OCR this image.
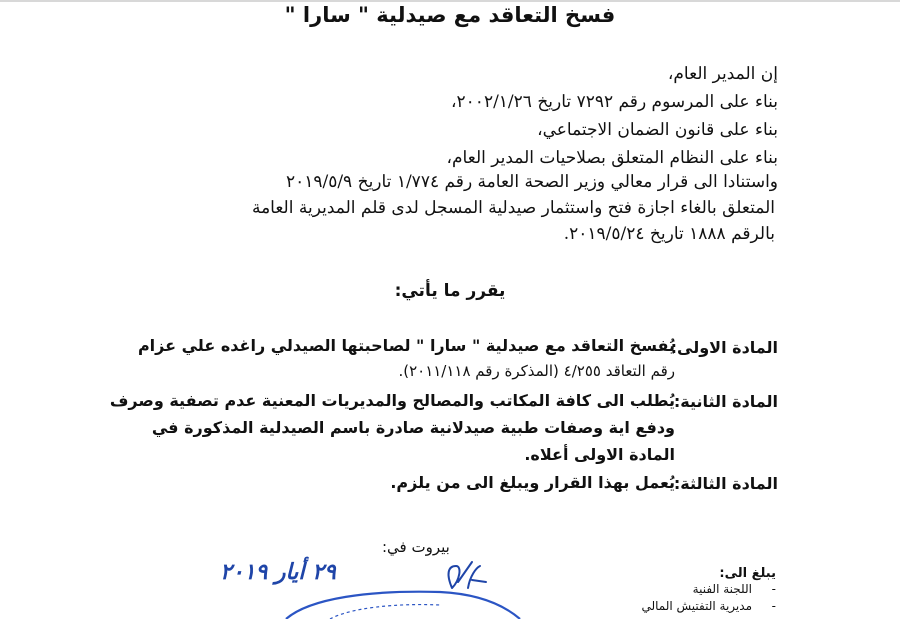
فسخ التعاقد مع صيدلية " سارا "
إن المدير العام،
بناء على المرسوم رقم ٧٢٩٢ تاريخ ٢٠٠٢/١/٢٦،
بناء على قانون الضمان الاجتماعي،
بناء على النظام المتعلق بصلاحيات المدير العام،
واستنادا الى قرار معالي وزير الصحة العامة رقم ١/٧٧٤ تاريخ ٢٠١٩/٥/٩
المتعلق بالغاء اجازة فتح واستثمار صيدلية المسجل لدى قلم المديرية العامة
بالرقم ١٨٨٨ تاريخ ٢٠١٩/٥/٢٤.
يقرر ما يأتي:
المادة الاولى:
يُفسخ التعاقد مع صيدلية " سارا " لصاحبتها الصيدلي راغده علي عزام
رقم التعاقد ٤/٢٥٥ (المذكرة رقم ٢٠١١/١١٨).
المادة الثانية:
يُطلب الى كافة المكاتب والمصالح والمديريات المعنية عدم تصفية وصرف
ودفع اية وصفات طبية صيدلانية صادرة باسم الصيدلية المذكورة في
المادة الاولى أعلاه.
المادة الثالثة:
يُعمل بهذا القرار ويبلغ الى من يلزم.
بيروت في:
٢٩ أيار ٢٠١٩	يبلغ الى:
-
اللجنة الفنية
-
مديرية التفتيش المالي
